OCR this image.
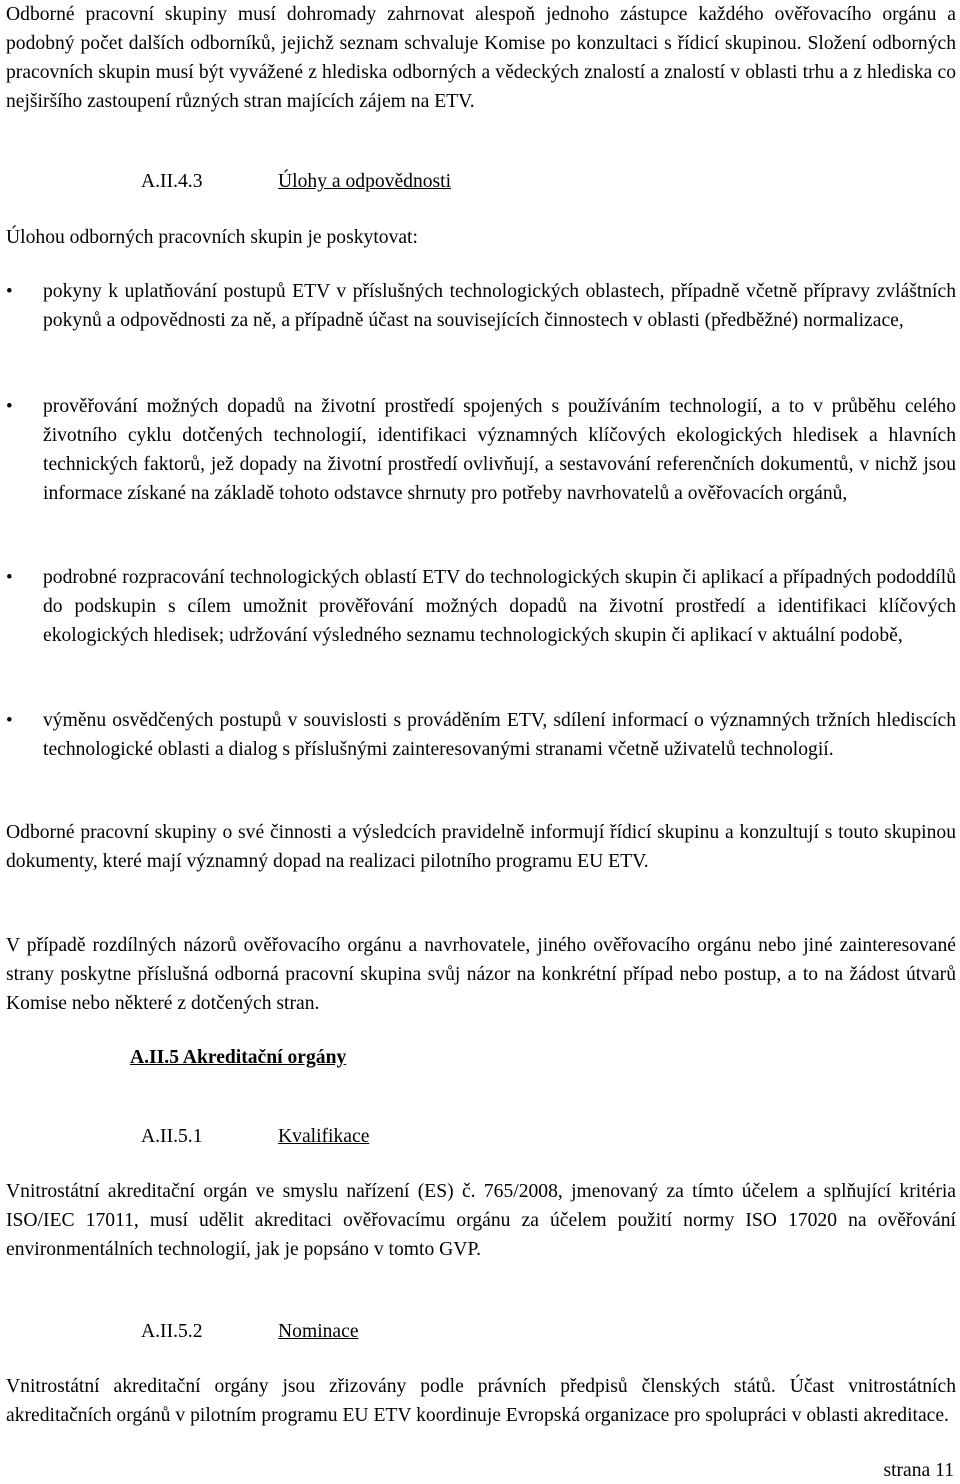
Odborné pracovní skupiny musí dohromady zahrnovat alespoň jednoho zástupce každého ověřovacího orgánu a podobný počet dalších odborníků, jejichž seznam schvaluje Komise po konzultaci s řídicí skupinou. Složení odborných pracovních skupin musí být vyvážené z hlediska odborných a vědeckých znalostí a znalostí v oblasti trhu a z hlediska co nejširšího zastoupení různých stran majících zájem na ETV.

A.II.4.3	Úlohy a odpovědnosti

Úlohou odborných pracovních skupin je poskytovat:

• pokyny k uplatňování postupů ETV v příslušných technologických oblastech, případně včetně přípravy zvláštních pokynů a odpovědnosti za ně, a případně účast na souvisejících činnostech v oblasti (předběžné) normalizace,

• prověřování možných dopadů na životní prostředí spojených s používáním technologií, a to v průběhu celého životního cyklu dotčených technologií, identifikaci významných klíčových ekologických hledisek a hlavních technických faktorů, jež dopady na životní prostředí ovlivňují, a sestavování referenčních dokumentů, v nichž jsou informace získané na základě tohoto odstavce shrnuty pro potřeby navrhovatelů a ověřovacích orgánů,

• podrobné rozpracování technologických oblastí ETV do technologických skupin či aplikací a případných pododdílů do podskupin s cílem umožnit prověřování možných dopadů na životní prostředí a identifikaci klíčových ekologických hledisek; udržování výsledného seznamu technologických skupin či aplikací v aktuální podobě,

• výměnu osvědčených postupů v souvislosti s prováděním ETV, sdílení informací o významných tržních hlediscích technologické oblasti a dialog s příslušnými zainteresovanými stranami včetně uživatelů technologií.

Odborné pracovní skupiny o své činnosti a výsledcích pravidelně informují řídicí skupinu a konzultují s touto skupinou dokumenty, které mají významný dopad na realizaci pilotního programu EU ETV.

V případě rozdílných názorů ověřovacího orgánu a navrhovatele, jiného ověřovacího orgánu nebo jiné zainteresované strany poskytne příslušná odborná pracovní skupina svůj názor na konkrétní případ nebo postup, a to na žádost útvarů Komise nebo některé z dotčených stran.

A.II.5 Akreditační orgány
A.II.5.1	Kvalifikace

Vnitrostátní akreditační orgán ve smyslu nařízení (ES) č. 765/2008, jmenovaný za tímto účelem a splňující kritéria ISO/IEC 17011, musí udělit akreditaci ověřovacímu orgánu za účelem použití normy ISO 17020 na ověřování environmentálních technologií, jak je popsáno v tomto GVP.

A.II.5.2	Nominace

Vnitrostátní akreditační orgány jsou zřizovány podle právních předpisů členských států. Účast vnitrostátních akreditačních orgánů v pilotním programu EU ETV koordinuje Evropská organizace pro spolupráci v oblasti akreditace.

strana 11
